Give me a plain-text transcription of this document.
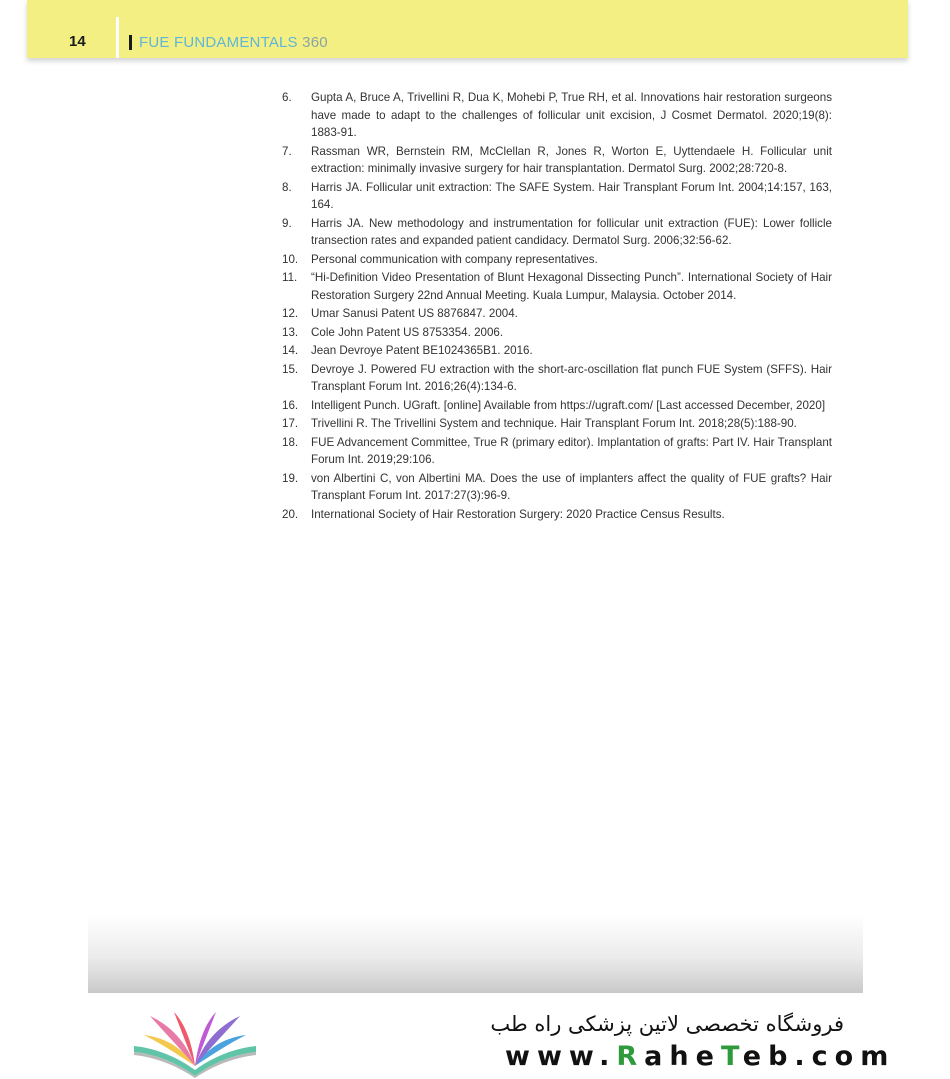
14	FUE FUNDAMENTALS 360
6.	Gupta A, Bruce A, Trivellini R, Dua K, Mohebi P, True RH, et al. Innovations hair restoration surgeons have made to adapt to the challenges of follicular unit excision, J Cosmet Dermatol. 2020;19(8): 1883-91.
7.	Rassman WR, Bernstein RM, McClellan R, Jones R, Worton E, Uyttendaele H. Follicular unit extraction: minimally invasive surgery for hair transplantation. Dermatol Surg. 2002;28:720-8.
8.	Harris JA. Follicular unit extraction: The SAFE System. Hair Transplant Forum Int. 2004;14:157, 163, 164.
9.	Harris JA. New methodology and instrumentation for follicular unit extraction (FUE): Lower follicle transection rates and expanded patient candidacy. Dermatol Surg. 2006;32:56-62.
10.	Personal communication with company representatives.
11.	“Hi-Definition Video Presentation of Blunt Hexagonal Dissecting Punch”. International Society of Hair Restoration Surgery 22nd Annual Meeting. Kuala Lumpur, Malaysia. October 2014.
12.	Umar Sanusi Patent US 8876847. 2004.
13.	Cole John Patent US 8753354. 2006.
14.	Jean Devroye Patent BE1024365B1. 2016.
15.	Devroye J. Powered FU extraction with the short-arc-oscillation flat punch FUE System (SFFS). Hair Transplant Forum Int. 2016;26(4):134-6.
16.	Intelligent Punch. UGraft. [online] Available from https://ugraft.com/ [Last accessed December, 2020]
17.	Trivellini R. The Trivellini System and technique. Hair Transplant Forum Int. 2018;28(5):188-90.
18.	FUE Advancement Committee, True R (primary editor). Implantation of grafts: Part IV. Hair Transplant Forum Int. 2019;29:106.
19.	von Albertini C, von Albertini MA. Does the use of implanters affect the quality of FUE grafts? Hair Transplant Forum Int. 2017:27(3):96-9.
20.	International Society of Hair Restoration Surgery: 2020 Practice Census Results.
فروشگاه تخصصی لاتین پزشکی راه طب
www.RaheTeb.com
